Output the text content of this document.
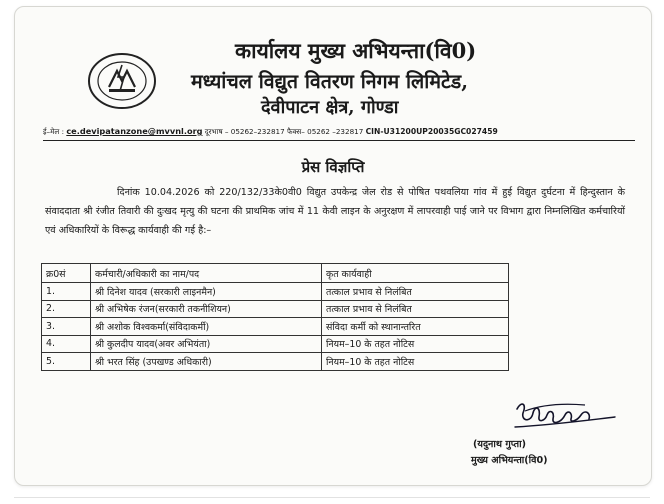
कार्यालय मुख्य अभियन्ता(वि0)
मध्यांचल विद्युत वितरण निगम लिमिटेड,
देवीपाटन क्षेत्र, गोण्डा
ई–मेल : ce.devipatanzone@mvvnl.org दूरभाष – 05262–232817 फैक्स– 05262 –232817 CIN-U31200UP20035GC027459
प्रेस विज्ञप्ति
दिनांक 10.04.2026 को 220/132/33के0वी0 विद्युत उपकेन्द्र जेल रोड से पोषित पथवलिया गांव में हुई विद्युत दुर्घटना में हिन्दुस्तान के संवाददाता श्री रंजीत तिवारी की दुःखद मृत्यु की घटना की प्राथमिक जांच में 11 केवी लाइन के अनुरक्षण में लापरवाही पाई जाने पर विभाग द्वारा निम्नलिखित कर्मचारियों एवं अधिकारियों के विरूद्ध कार्यवाही की गई है:–
क्र0सं	कर्मचारी/अधिकारी का नाम/पद	कृत कार्यवाही
1.	श्री दिनेश यादव (सरकारी लाइनमैन)	तत्काल प्रभाव से निलंबित
2.	श्री अभिषेक रंजन(सरकारी तकनीशियन)	तत्काल प्रभाव से निलंबित
3.	श्री अशोक विश्वकर्मा(संविदाकर्मी)	संविदा कर्मी को स्थानान्तरित
4.	श्री कुलदीप यादव(अवर अभियंता)	नियम–10 के तहत नोटिस
5.	श्री भरत सिंह (उपखण्ड अधिकारी)	नियम–10 के तहत नोटिस
(यदुनाथ गुप्ता)
मुख्य अभियन्ता(वि0)
